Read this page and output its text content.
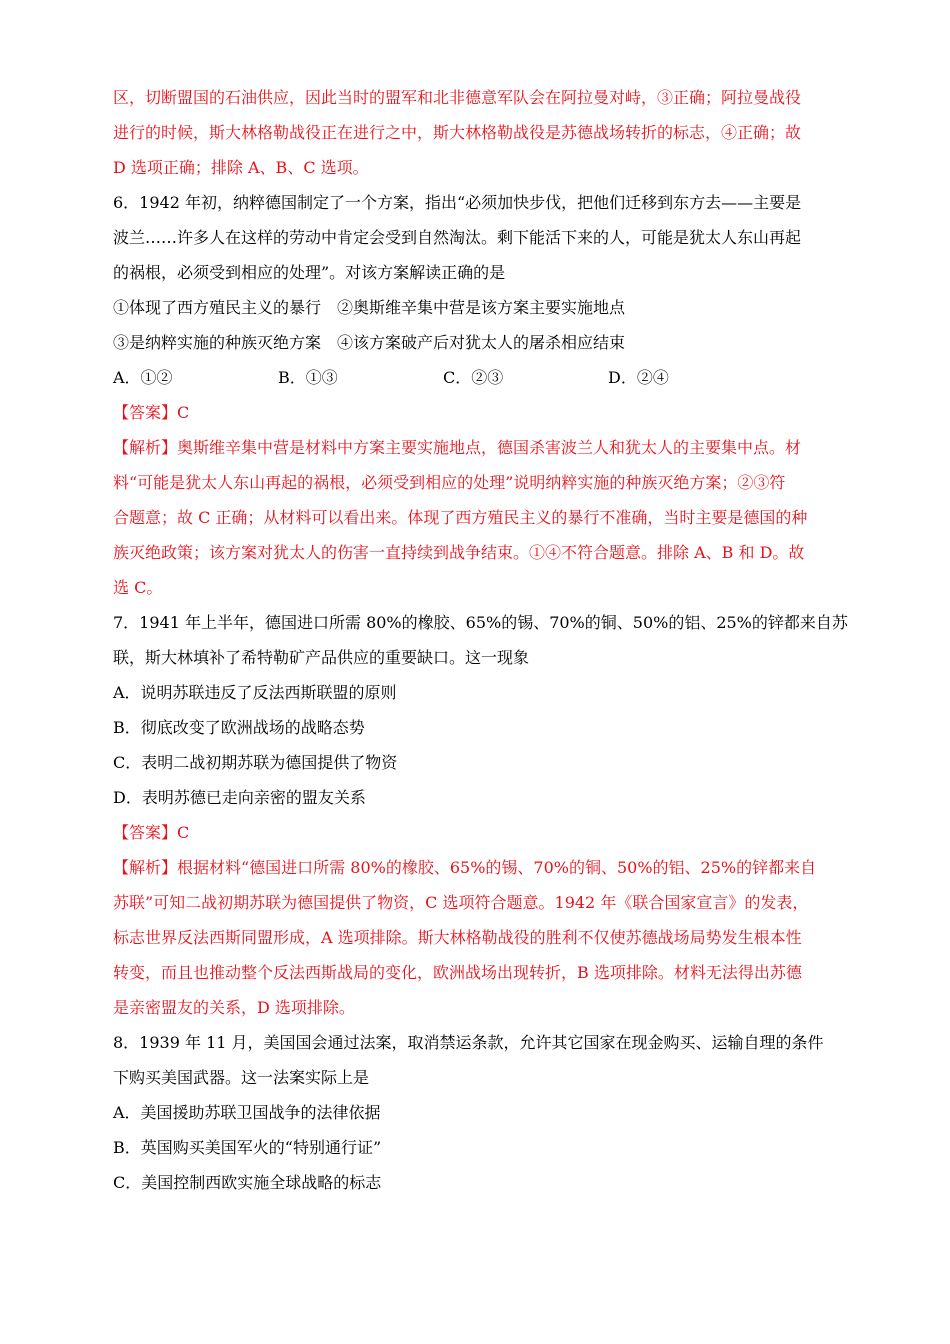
区，切断盟国的石油供应，因此当时的盟军和北非德意军队会在阿拉曼对峙，③正确；阿拉曼战役
进行的时候，斯大林格勒战役正在进行之中，斯大林格勒战役是苏德战场转折的标志，④正确；故
D 选项正确；排除 A、B、C 选项。
6．1942 年初，纳粹德国制定了一个方案，指出“必须加快步伐，把他们迁移到东方去——主要是
波兰……许多人在这样的劳动中肯定会受到自然淘汰。剩下能活下来的人，可能是犹太人东山再起
的祸根，必须受到相应的处理”。对该方案解读正确的是
①体现了西方殖民主义的暴行　②奥斯维辛集中营是该方案主要实施地点
③是纳粹实施的种族灭绝方案　④该方案破产后对犹太人的屠杀相应结束
A．①②	B．①③	C．②③	D．②④
【答案】C
【解析】奥斯维辛集中营是材料中方案主要实施地点，德国杀害波兰人和犹太人的主要集中点。材
料“可能是犹太人东山再起的祸根，必须受到相应的处理”说明纳粹实施的种族灭绝方案；②③符
合题意；故 C 正确；从材料可以看出来。体现了西方殖民主义的暴行不准确，当时主要是德国的种
族灭绝政策；该方案对犹太人的伤害一直持续到战争结束。①④不符合题意。排除 A、B 和 D。故
选 C。
7．1941 年上半年，德国进口所需 80%的橡胶、65%的锡、70%的铜、50%的铝、25%的锌都来自苏
联，斯大林填补了希特勒矿产品供应的重要缺口。这一现象
A．说明苏联违反了反法西斯联盟的原则
B．彻底改变了欧洲战场的战略态势
C．表明二战初期苏联为德国提供了物资
D．表明苏德已走向亲密的盟友关系
【答案】C
【解析】根据材料“德国进口所需 80%的橡胶、65%的锡、70%的铜、50%的铝、25%的锌都来自
苏联”可知二战初期苏联为德国提供了物资，C 选项符合题意。1942 年《联合国家宣言》的发表，
标志世界反法西斯同盟形成，A 选项排除。斯大林格勒战役的胜利不仅使苏德战场局势发生根本性
转变，而且也推动整个反法西斯战局的变化，欧洲战场出现转折，B 选项排除。材料无法得出苏德
是亲密盟友的关系，D 选项排除。
8．1939 年 11 月，美国国会通过法案，取消禁运条款，允许其它国家在现金购买、运输自理的条件
下购买美国武器。这一法案实际上是
A．美国援助苏联卫国战争的法律依据
B．英国购买美国军火的“特别通行证”
C．美国控制西欧实施全球战略的标志
